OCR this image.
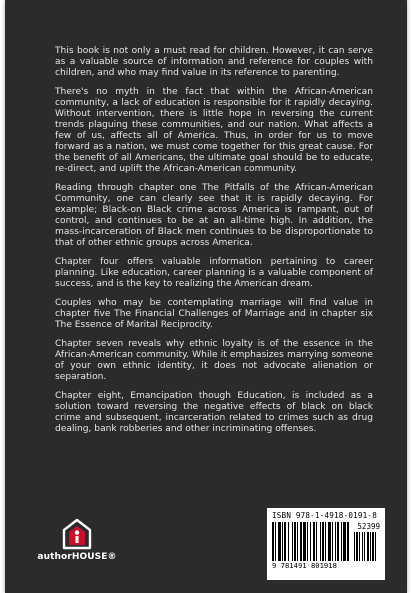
This book is not only a must read for children. However, it can serve as a valuable source of information and reference for couples with children, and who may find value in its reference to parenting.

There's no myth in the fact that within the African-American community, a lack of education is responsible for it rapidly decaying. Without intervention, there is little hope in reversing the current trends plaguing these communities, and our nation. What affects a few of us, affects all of America. Thus, in order for us to move forward as a nation, we must come together for this great cause. For the benefit of all Americans, the ultimate goal should be to educate, re-direct, and uplift the African-American community.

Reading through chapter one The Pitfalls of the African-American Community, one can clearly see that it is rapidly decaying. For example; Black-on Black crime across America is rampant, out of control, and continues to be at an all-time high. In addition, the mass-incarceration of Black men continues to be disproportionate to that of other ethnic groups across America.

Chapter four offers valuable information pertaining to career planning. Like education, career planning is a valuable component of success, and is the key to realizing the American dream.

Couples who may be contemplating marriage will find value in chapter five The Financial Challenges of Marriage and in chapter six The Essence of Marital Reciprocity.

Chapter seven reveals why ethnic loyalty is of the essence in the African-American community. While it emphasizes marrying someone of your own ethnic identity, it does not advocate alienation or separation.

Chapter eight, Emancipation though Education, is included as a solution toward reversing the negative effects of black on black crime and subsequent, incarceration related to crimes such as drug dealing, bank robberies and other incriminating offenses.

authorHOUSE®
ISBN 978-1-4918-0191-8
52399
9 781491 801918
